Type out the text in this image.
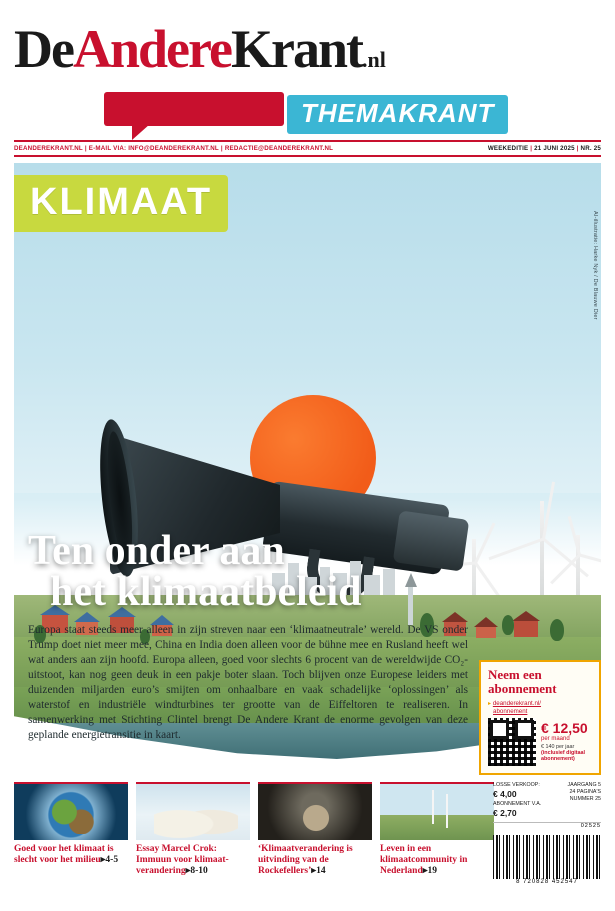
DeAndereKrant.nl
THEMAKRANT
DEANDEREKRANT.NL | E-MAIL VIA: INFO@DEANDEREKRANT.NL | REDACTIE@DEANDEREKRANT.NL	WEEKEDITIE | 21 JUNI 2025 | NR. 25
KLIMAAT
AI-illustratie: Harke Nyk / De Blauwe Dier
Ten onder aan
het klimaatbeleid

Europa staat steeds meer alleen in zijn streven naar een ‘klimaatneutrale’ wereld. De VS onder Trump doet niet meer mee, China en India doen alleen voor de bühne mee en Rusland heeft wel wat anders aan zijn hoofd. Europa alleen, goed voor slechts 6 procent van de wereldwijde CO₂-uitstoot, kan nog geen deuk in een pakje boter slaan. Toch blijven onze Europese leiders met duizenden miljarden euro’s smijten om onhaalbare en vaak schadelijke ‘oplossingen’ als waterstof en industriële windturbines ter grootte van de Eiffeltoren te realiseren. In samenwerking met Stichting Clintel brengt De Andere Krant de enorme gevolgen van deze geplande energietransitie in kaart.

Neem een
abonnement
▸ deanderekrant.nl/
abonnement
€ 12,50
per maand
€ 140 per jaar
(inclusief digitaal abonnement)
Goed voor het klimaat is slecht voor het milieu▸4-5
Essay Marcel Crok: Immuun voor klimaat- verandering▸8-10
‘Klimaatverandering is uitvinding van de Rockefellers’▸14
Leven in een klimaatcommunity in Nederland▸19
LOSSE VERKOOP:
€ 4,00
ABONNEMENT V.A.
€ 2,70
JAARGANG 5
24 PAGINA'S
NUMMER 25
02525
8 720828 452547
